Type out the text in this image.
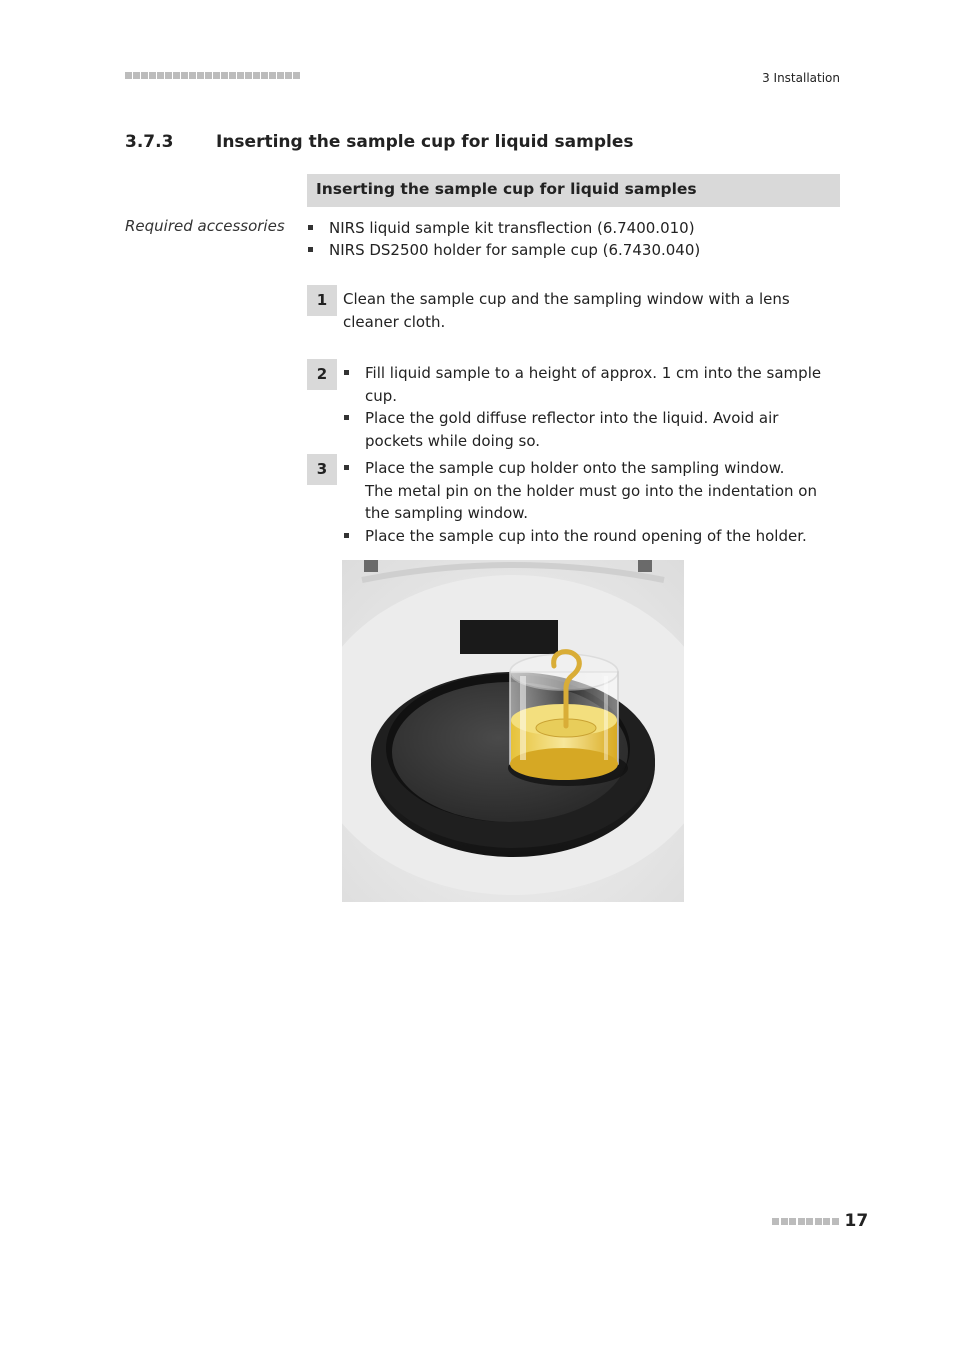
3 Installation
3.7.3	Inserting the sample cup for liquid samples
Inserting the sample cup for liquid samples
Required accessories	NIRS liquid sample kit transflection (6.7400.010)
NIRS DS2500 holder for sample cup (6.7430.040)
1	Clean the sample cup and the sampling window with a lens cleaner cloth.
2	Fill liquid sample to a height of approx. 1 cm into the sample cup.
Place the gold diffuse reflector into the liquid. Avoid air pockets while doing so.
3	Place the sample cup holder onto the sampling window.
The metal pin on the holder must go into the indentation on the sampling window.
Place the sample cup into the round opening of the holder.
17
